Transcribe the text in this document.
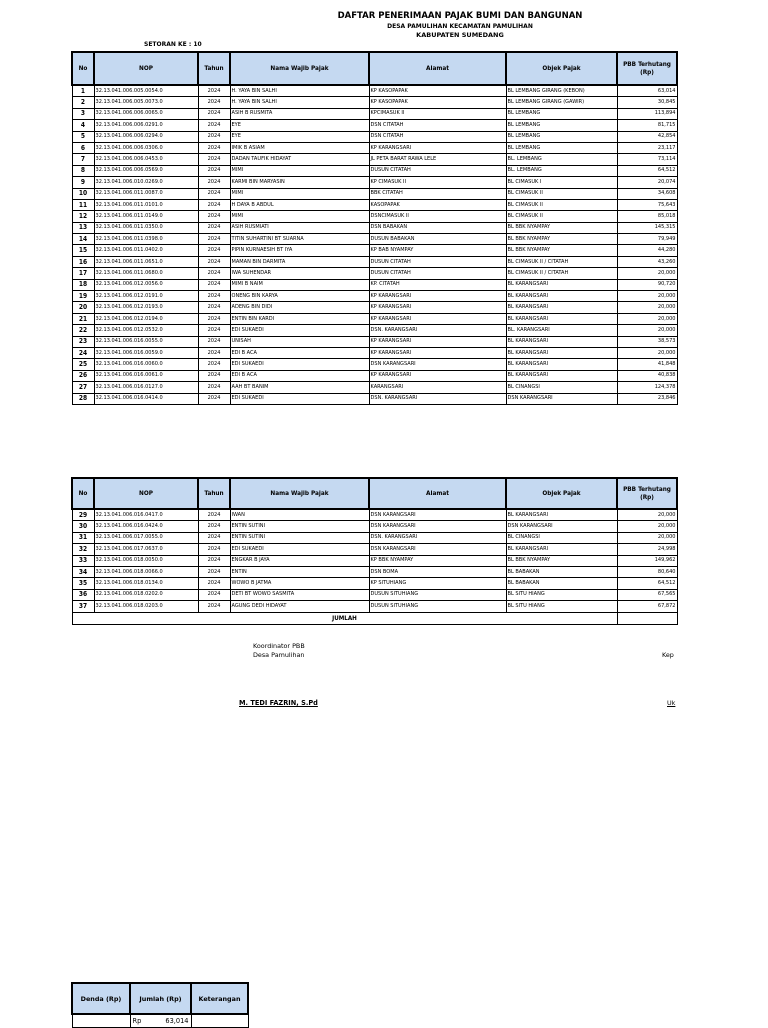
DAFTAR PENERIMAAN PAJAK BUMI DAN BANGUNAN
DESA PAMULIHAN KECAMATAN PAMULIHAN
KABUPATEN SUMEDANG
SETORAN KE : 10
No	NOP	Tahun	Nama Wajib Pajak	Alamat	Objek Pajak	PBB Terhutang (Rp)
1	32.13.041.006.005.0054.0	2024	H. YAYA BIN SALHI	KP KASOPAPAK	BL LEMBANG GIRANG (KEBON)	63,014
2	32.13.041.006.005.0073.0	2024	H. YAYA BIN SALHI	KP KASOPAPAK	BL LEMBANG GIRANG (GAWIR)	30,845
3	32.13.041.006.006.0065.0	2024	ASIH B RUSMITA	KPCIMASUK II	BL LEMBANG	113,894
4	32.13.041.006.006.0291.0	2024	EYE	DSN CITATAH	BL LEMBANG	81,715
5	32.13.041.006.006.0294.0	2024	EYE	DSN CITATAH	BL LEMBANG	42,854
6	32.13.041.006.006.0306.0	2024	IMIK B ASIAM	KP KARANGSARI	BL LEMBANG	23,117
7	32.13.041.006.006.0453.0	2024	DADAN TAUFIK HIDAYAT	JL PETA BARAT RAWA LELE	BL. LEMBANG	73,114
8	32.13.041.006.006.0569.0	2024	MIMI	DUSUN CITATAH	BL. LEMBANG	64,512
9	32.13.041.006.010.0269.0	2024	KARMI BIN MARYASIN	KP CIMASUK II	BL CIMASUK I	20,074
10	32.13.041.006.011.0087.0	2024	MIMI	BBK CITATAH	BL CIMASUK II	34,608
11	32.13.041.006.011.0101.0	2024	H DAYA B ABDUL	KASOPAPAK	BL CIMASUK II	75,643
12	32.13.041.006.011.0149.0	2024	MIMI	DSNCIMASUK II	BL CIMASUK II	85,018
13	32.13.041.006.011.0350.0	2024	ASIH RUSMIATI	DSN BABAKAN	BL BBK NYAMPAY	145,315
14	32.13.041.006.011.0398.0	2024	TITIN SUHARTINI BT SUARNA	DUSUN BABAKAN	BL BBK NYAMPAY	79,949
15	32.13.041.006.011.0402.0	2024	PIPIN KURNAESIH BT IYA	KP BAB NYAMPAY	BL BBK NYAMPAY	44,280
16	32.13.041.006.011.0651.0	2024	MAMAN BIN DARMITA	DUSUN CITATAH	BL CIMASUK II / CITATAH	43,260
17	32.13.041.006.011.0680.0	2024	IWA SUHENDAR	DUSUN CITATAH	BL CIMASUK II / CITATAH	20,000
18	32.13.041.006.012.0056.0	2024	MIMI B NAIM	KP. CITATAH	BL KARANGSARI	90,720
19	32.13.041.006.012.0191.0	2024	ONENG BIN KARYA	KP KARANGSARI	BL KARANGSARI	20,000
20	32.13.041.006.012.0193.0	2024	ADENG BIN DIDI	KP KARANGSARI	BL KARANGSARI	20,000
21	32.13.041.006.012.0194.0	2024	ENTIN BIN KARDI	KP KARANGSARI	BL KARANGSARI	20,000
22	32.13.041.006.012.0532.0	2024	EDI SUKAEDI	DSN. KARANGSARI	BL. KARANGSARI	20,000
23	32.13.041.006.016.0055.0	2024	UNISAH	KP KARANGSARI	BL KARANGSARI	38,573
24	32.13.041.006.016.0059.0	2024	EDI B ACA	KP KARANGSARI	BL KARANGSARI	20,000
25	32.13.041.006.016.0060.0	2024	EDI SUKAEDI	DSN KARANGSARI	BL KARANGSARI	41,848
26	32.13.041.006.016.0061.0	2024	EDI B ACA	KP KARANGSARI	BL KARANGSARI	40,838
27	32.13.041.006.016.0127.0	2024	AAH BT BANIM	KARANGSARI	BL CINANGSI	124,378
28	32.13.041.006.016.0414.0	2024	EDI SUKAEDI	DSN. KARANGSARI	DSN KARANGSARI	23,846
No	NOP	Tahun	Nama Wajib Pajak	Alamat	Objek Pajak	PBB Terhutang (Rp)
29	32.13.041.006.016.0417.0	2024	IWAN	DSN KARANGSARI	BL KARANGSARI	20,000
30	32.13.041.006.016.0424.0	2024	ENTIN SUTINI	DSN KARANGSARI	DSN KARANGSARI	20,000
31	32.13.041.006.017.0055.0	2024	ENTIN SUTINI	DSN. KARANGSARI	BL CINANGSI	20,000
32	32.13.041.006.017.0637.0	2024	EDI SUKAEDI	DSN KARANGSARI	BL KARANGSARI	24,998
33	32.13.041.006.018.0050.0	2024	ENGKAR B JAYA	KP BBK NYAMPAY	BL BBK NYAMPAY	149,962
34	32.13.041.006.018.0066.0	2024	ENTIN	DSN BOMA	BL BABAKAN	80,640
35	32.13.041.006.018.0134.0	2024	WOWO B JATMA	KP SITUHIANG	BL BABAKAN	64,512
36	32.13.041.006.018.0202.0	2024	DETI BT WOWO SASMITA	DUSUN SITUHIANG	BL SITU HIANG	67,565
37	32.13.041.006.018.0203.0	2024	AGUNG DEDI HIDAYAT	DUSUN SITUHIANG	BL SITU HIANG	67,872
JUMLAH						
Koordinator PBB
Desa Pamulihan	Kep
M. TEDI FAZRIN, S.Pd	Uk
Denda (Rp)	Jumlah (Rp)	Keterangan

	Rp 63,014	
